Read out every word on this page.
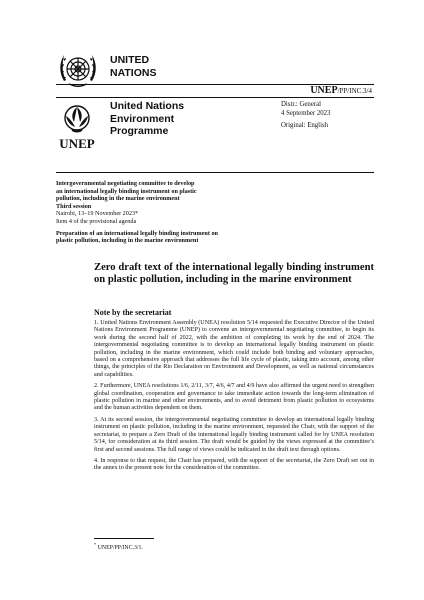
UNITED
NATIONS
UNEP/PP/INC.3/4
UNEP
United Nations
Environment
Programme
Distr.: General
4 September 2023
Original: English
Intergovernmental negotiating committee to develop
an international legally binding instrument on plastic
pollution, including in the marine environment
Third session
Nairobi, 13–19 November 2023*
Item 4 of the provisional agenda
Preparation of an international legally binding instrument on
plastic pollution, including in the marine environment
Zero draft text of the international legally binding instrument on plastic pollution, including in the marine environment
Note by the secretariat

1. United Nations Environment Assembly (UNEA) resolution 5/14 requested the Executive Director of the United Nations Environment Programme (UNEP) to convene an intergovernmental negotiating committee, to begin its work during the second half of 2022, with the ambition of completing its work by the end of 2024. The intergovernmental negotiating committee is to develop an international legally binding instrument on plastic pollution, including in the marine environment, which could include both binding and voluntary approaches, based on a comprehensive approach that addresses the full life cycle of plastic, taking into account, among other things, the principles of the Rio Declaration on Environment and Development, as well as national circumstances and capabilities.

2. Furthermore, UNEA resolutions 1/6, 2/11, 3/7, 4/6, 4/7 and 4/9 have also affirmed the urgent need to strengthen global coordination, cooperation and governance to take immediate action towards the long-term elimination of plastic pollution in marine and other environments, and to avoid detriment from plastic pollution to ecosystems and the human activities dependent on them.

3. At its second session, the intergovernmental negotiating committee to develop an international legally binding instrument on plastic pollution, including in the marine environment, requested the Chair, with the support of the secretariat, to prepare a Zero Draft of the international legally binding instrument called for by UNEA resolution 5/14, for consideration at its third session. The draft would be guided by the views expressed at the committee’s first and second sessions. The full range of views could be indicated in the draft text through options.

4. In response to that request, the Chair has prepared, with the support of the secretariat, the Zero Draft set out in the annex to the present note for the consideration of the committee.

* UNEP/PP/INC.3/1.
